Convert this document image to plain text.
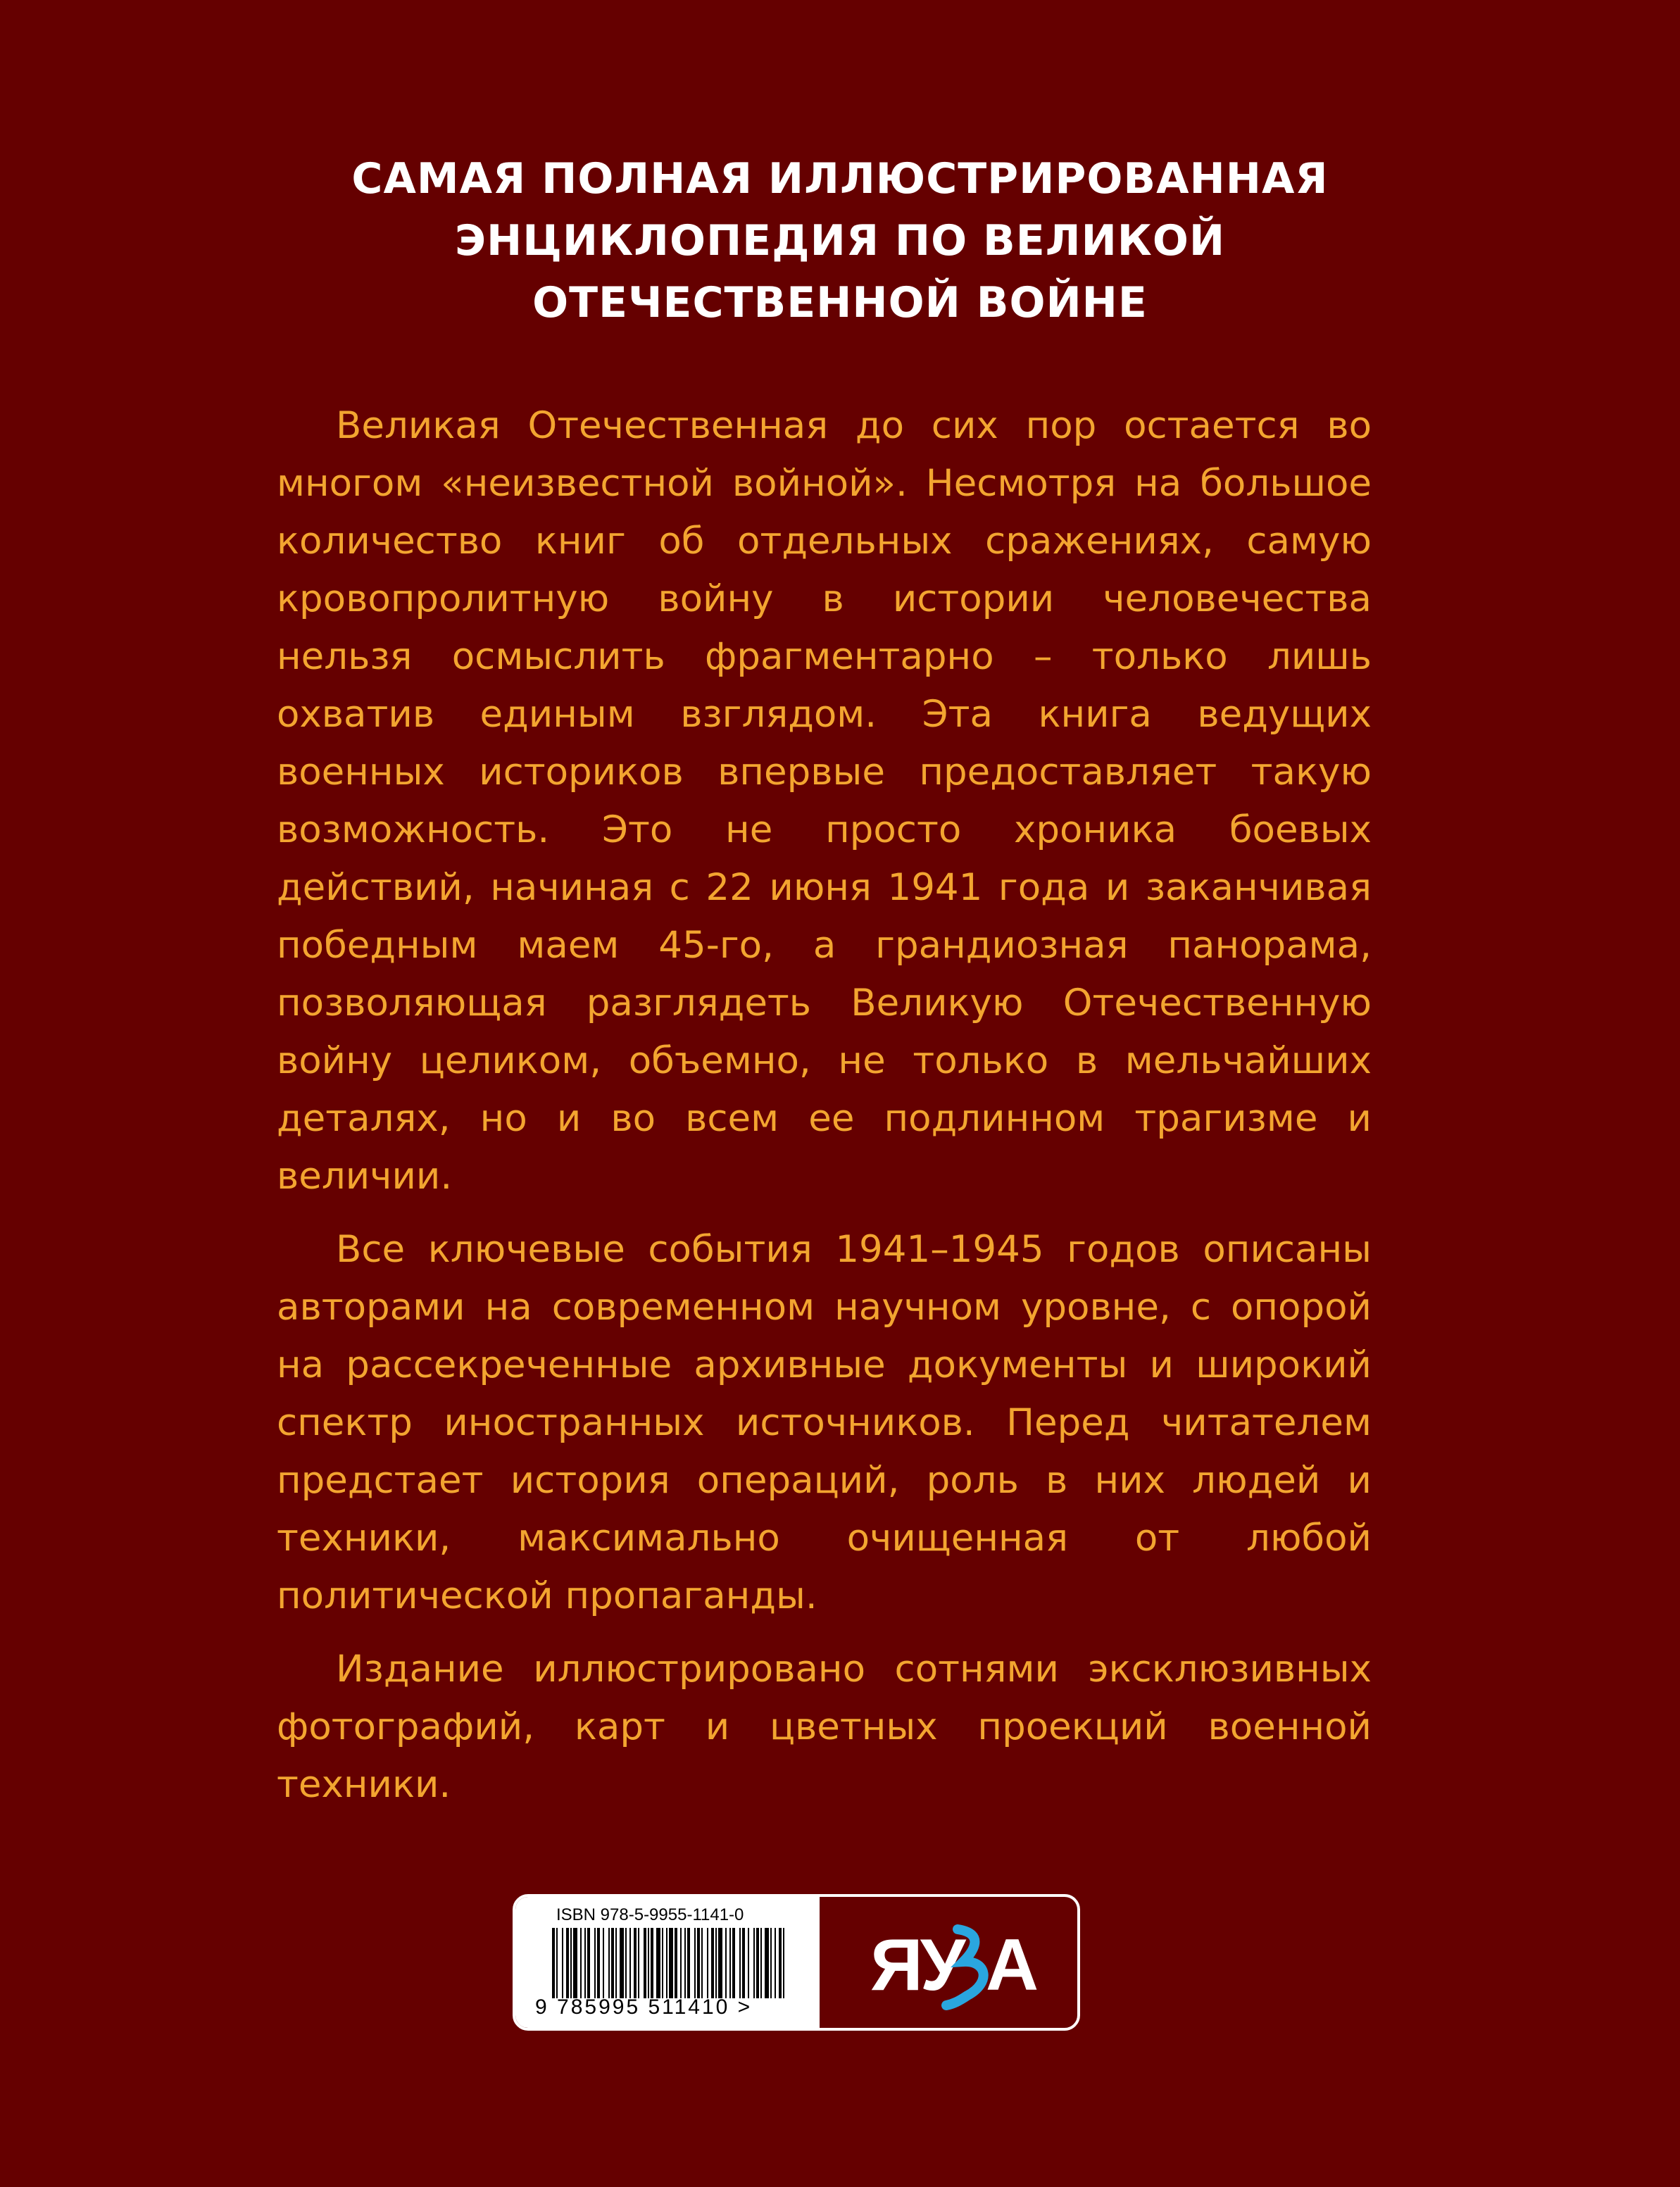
САМАЯ ПОЛНАЯ ИЛЛЮСТРИРОВАННАЯ
ЭНЦИКЛОПЕДИЯ ПО ВЕЛИКОЙ
ОТЕЧЕСТВЕННОЙ ВОЙНЕ

Великая Отечественная до сих пор остается во многом «неизвестной войной». Несмотря на большое количество книг об отдельных сражениях, самую кровопролитную войну в истории человечества нельзя осмыслить фрагментарно – только лишь охватив единым взглядом. Эта книга ведущих военных историков впервые предоставляет такую возможность. Это не просто хроника боевых действий, начиная с 22 июня 1941 года и заканчивая победным маем 45-го, а грандиозная панорама, позволяющая разглядеть Великую Отечественную войну целиком, объемно, не только в мельчайших деталях, но и во всем ее подлинном трагизме и величии.

Все ключевые события 1941–1945 годов описаны авторами на современном научном уровне, с опорой на рассекреченные архивные документы и широкий спектр иностранных источников. Перед читателем предстает история операций, роль в них людей и техники, максимально очищенная от любой политической пропаганды.

Издание иллюстрировано сотнями эксклюзивных фотографий, карт и цветных проекций военной техники.

ISBN 978-5-9955-1141-0
9 785995 511410 >
ЯУ А
